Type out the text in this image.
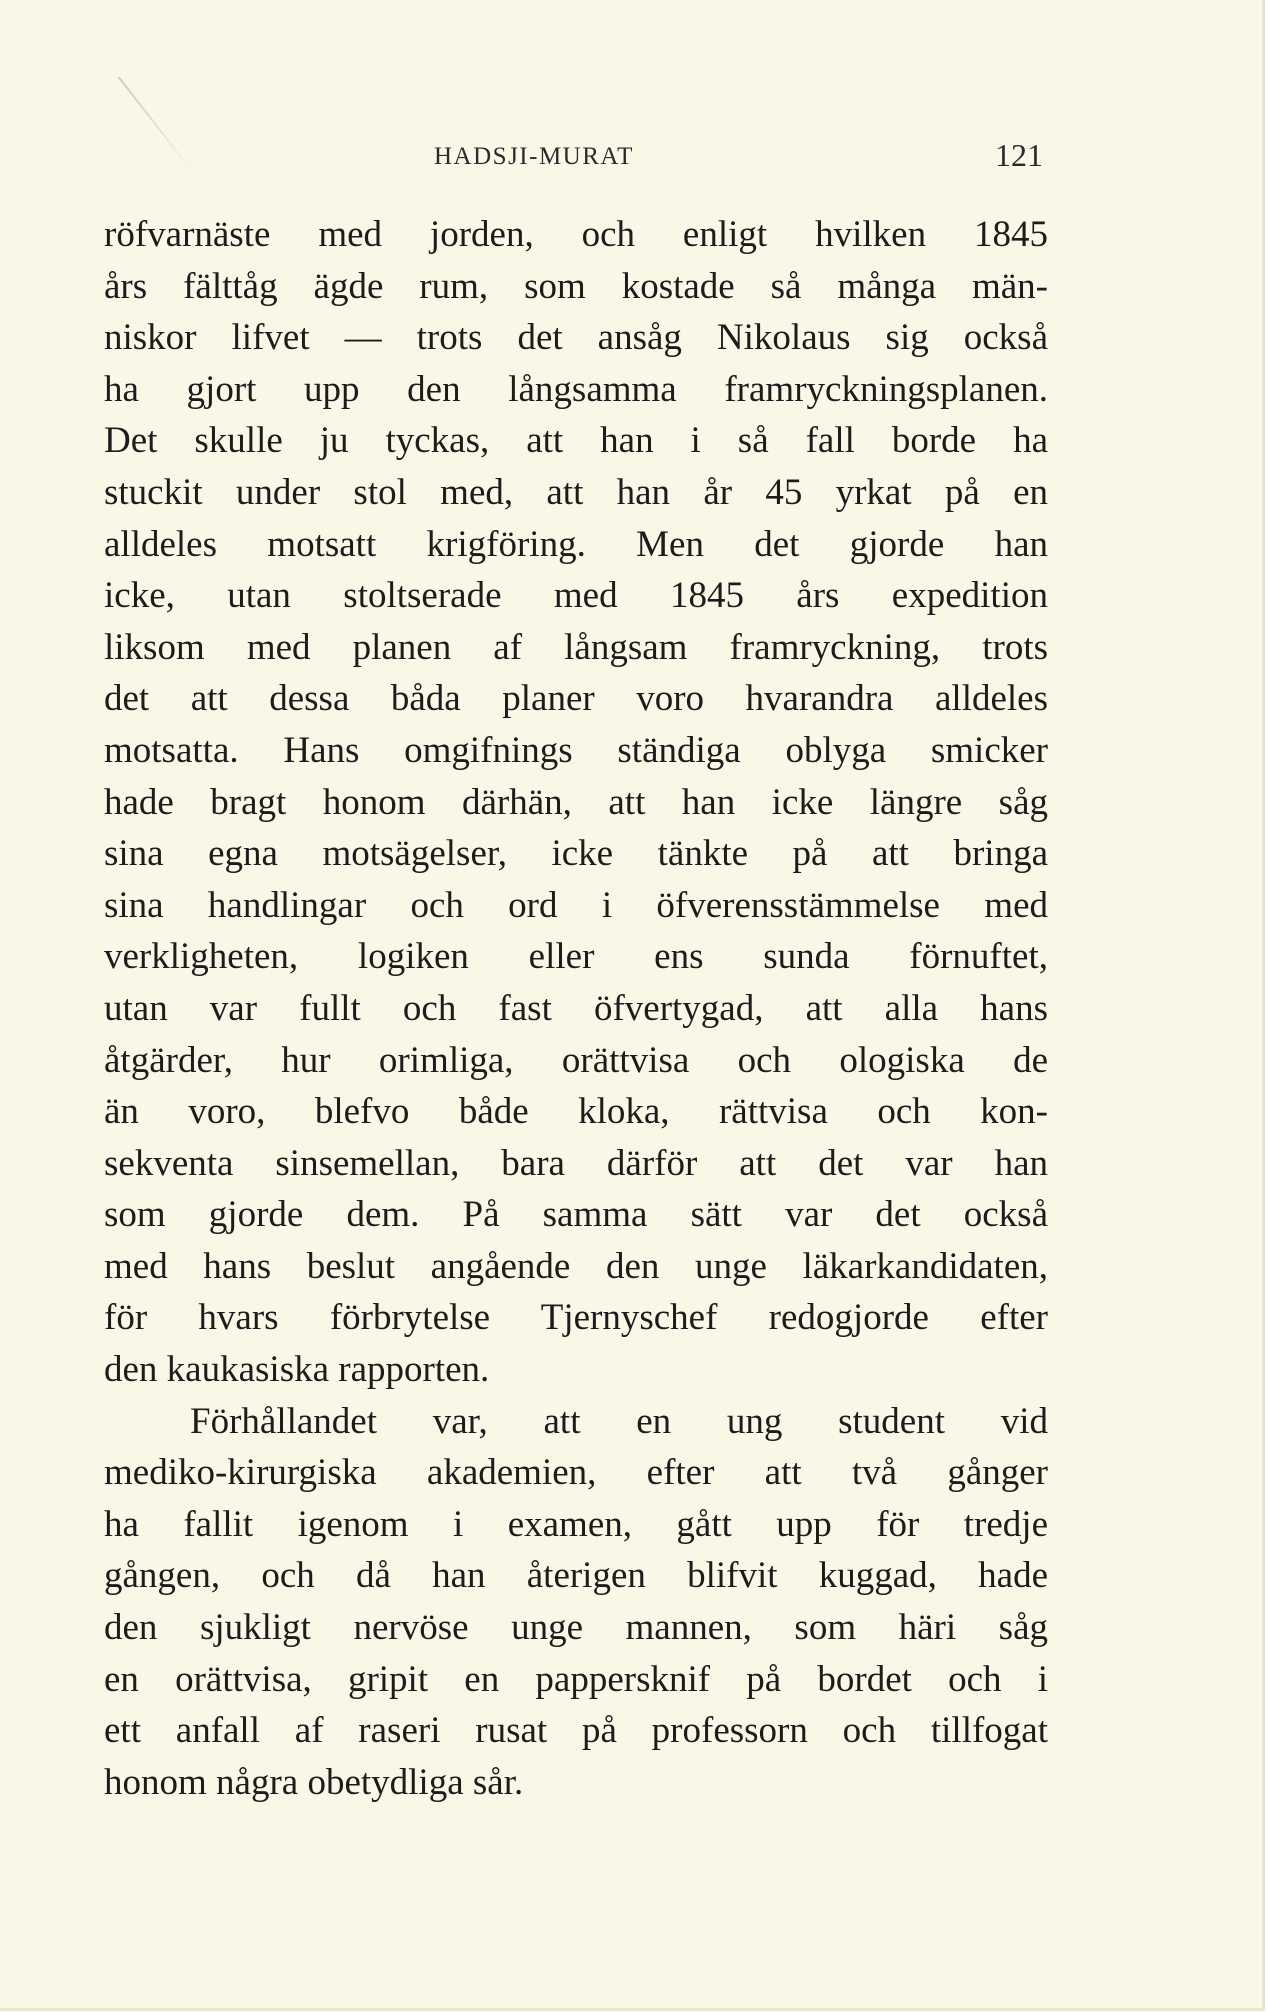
HADSJI-MURAT	121
röfvarnäste med jorden, och enligt hvilken 1845
års fälttåg ägde rum, som kostade så många män-
niskor lifvet — trots det ansåg Nikolaus sig också
ha gjort upp den långsamma framryckningsplanen.
Det skulle ju tyckas, att han i så fall borde ha
stuckit under stol med, att han år 45 yrkat på en
alldeles motsatt krigföring. Men det gjorde han
icke, utan stoltserade med 1845 års expedition
liksom med planen af långsam framryckning, trots
det att dessa båda planer voro hvarandra alldeles
motsatta. Hans omgifnings ständiga oblyga smicker
hade bragt honom därhän, att han icke längre såg
sina egna motsägelser, icke tänkte på att bringa
sina handlingar och ord i öfverensstämmelse med
verkligheten, logiken eller ens sunda förnuftet,
utan var fullt och fast öfvertygad, att alla hans
åtgärder, hur orimliga, orättvisa och ologiska de
än voro, blefvo både kloka, rättvisa och kon-
sekventa sinsemellan, bara därför att det var han
som gjorde dem. På samma sätt var det också
med hans beslut angående den unge läkarkandidaten,
för hvars förbrytelse Tjernyschef redogjorde efter
den kaukasiska rapporten.
Förhållandet var, att en ung student vid
mediko-kirurgiska akademien, efter att två gånger
ha fallit igenom i examen, gått upp för tredje
gången, och då han återigen blifvit kuggad, hade
den sjukligt nervöse unge mannen, som häri såg
en orättvisa, gripit en pappersknif på bordet och i
ett anfall af raseri rusat på professorn och tillfogat
honom några obetydliga sår.
